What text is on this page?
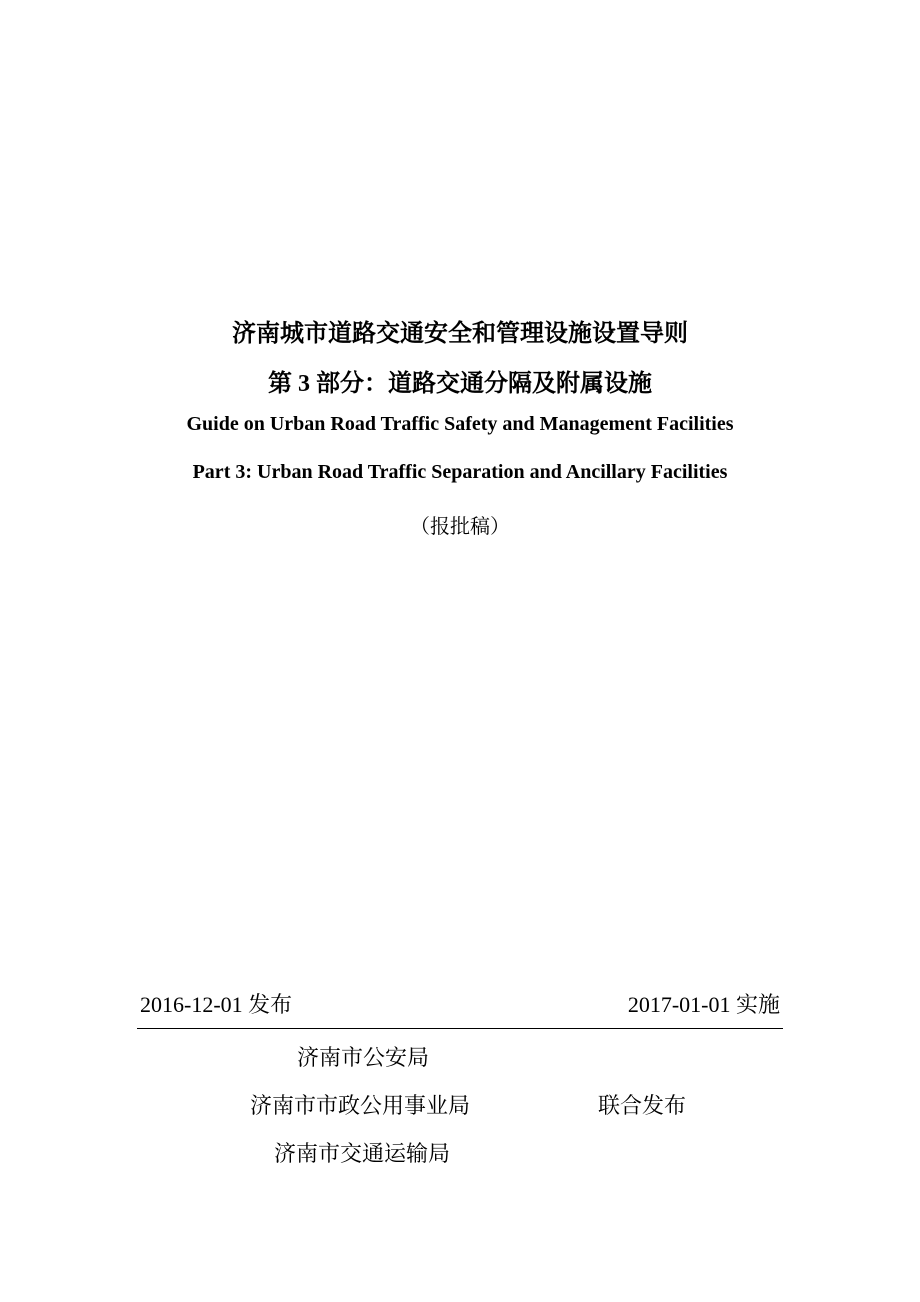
济南城市道路交通安全和管理设施设置导则
第 3 部分：道路交通分隔及附属设施
Guide on Urban Road Traffic Safety and Management Facilities
Part 3: Urban Road Traffic Separation and Ancillary Facilities
（报批稿）
2016-12-01 发布	2017-01-01 实施
济南市公安局
济南市市政公用事业局	联合发布
济南市交通运输局
